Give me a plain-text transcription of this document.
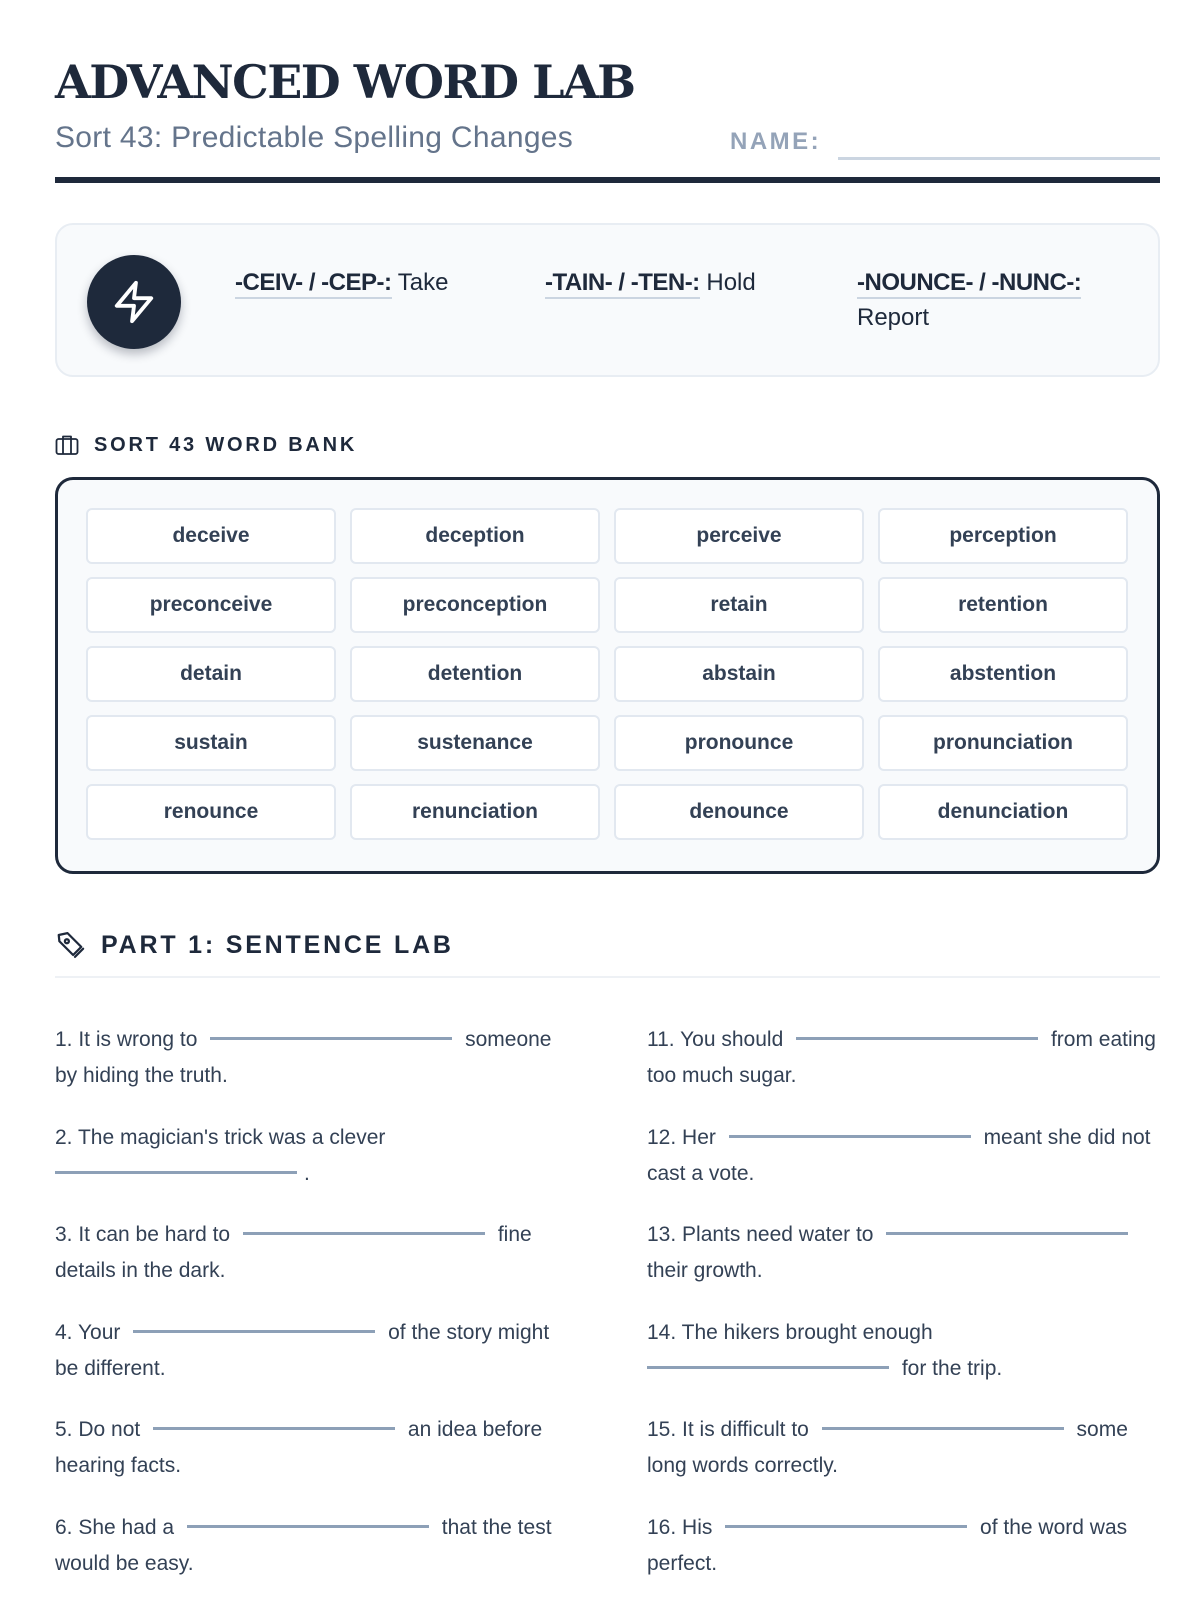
ADVANCED WORD LAB
Sort 43: Predictable Spelling Changes	NAME:
-CEIV- / -CEP-: Take	-TAIN- / -TEN-: Hold	-NOUNCE- / -NUNC-: Report
SORT 43 WORD BANK
deceive	deception	perceive	perception
preconceive	preconception	retain	retention
detain	detention	abstain	abstention
sustain	sustenance	pronounce	pronunciation
renounce	renunciation	denounce	denunciation
PART 1: SENTENCE LAB
1. It is wrong to	someone by hiding the truth.
2. The magician's trick was a clever
.
3. It can be hard to	fine details in the dark.
4. Your	of the story might be different.
5. Do not	an idea before hearing facts.
6. She had a	that the test would be easy.
11. You should	from eating too much sugar.
12. Her	meant she did not cast a vote.
13. Plants need water to  their growth.
14. The hikers brought enough
for the trip.
15. It is difficult to	some long words correctly.
16. His	of the word was perfect.
